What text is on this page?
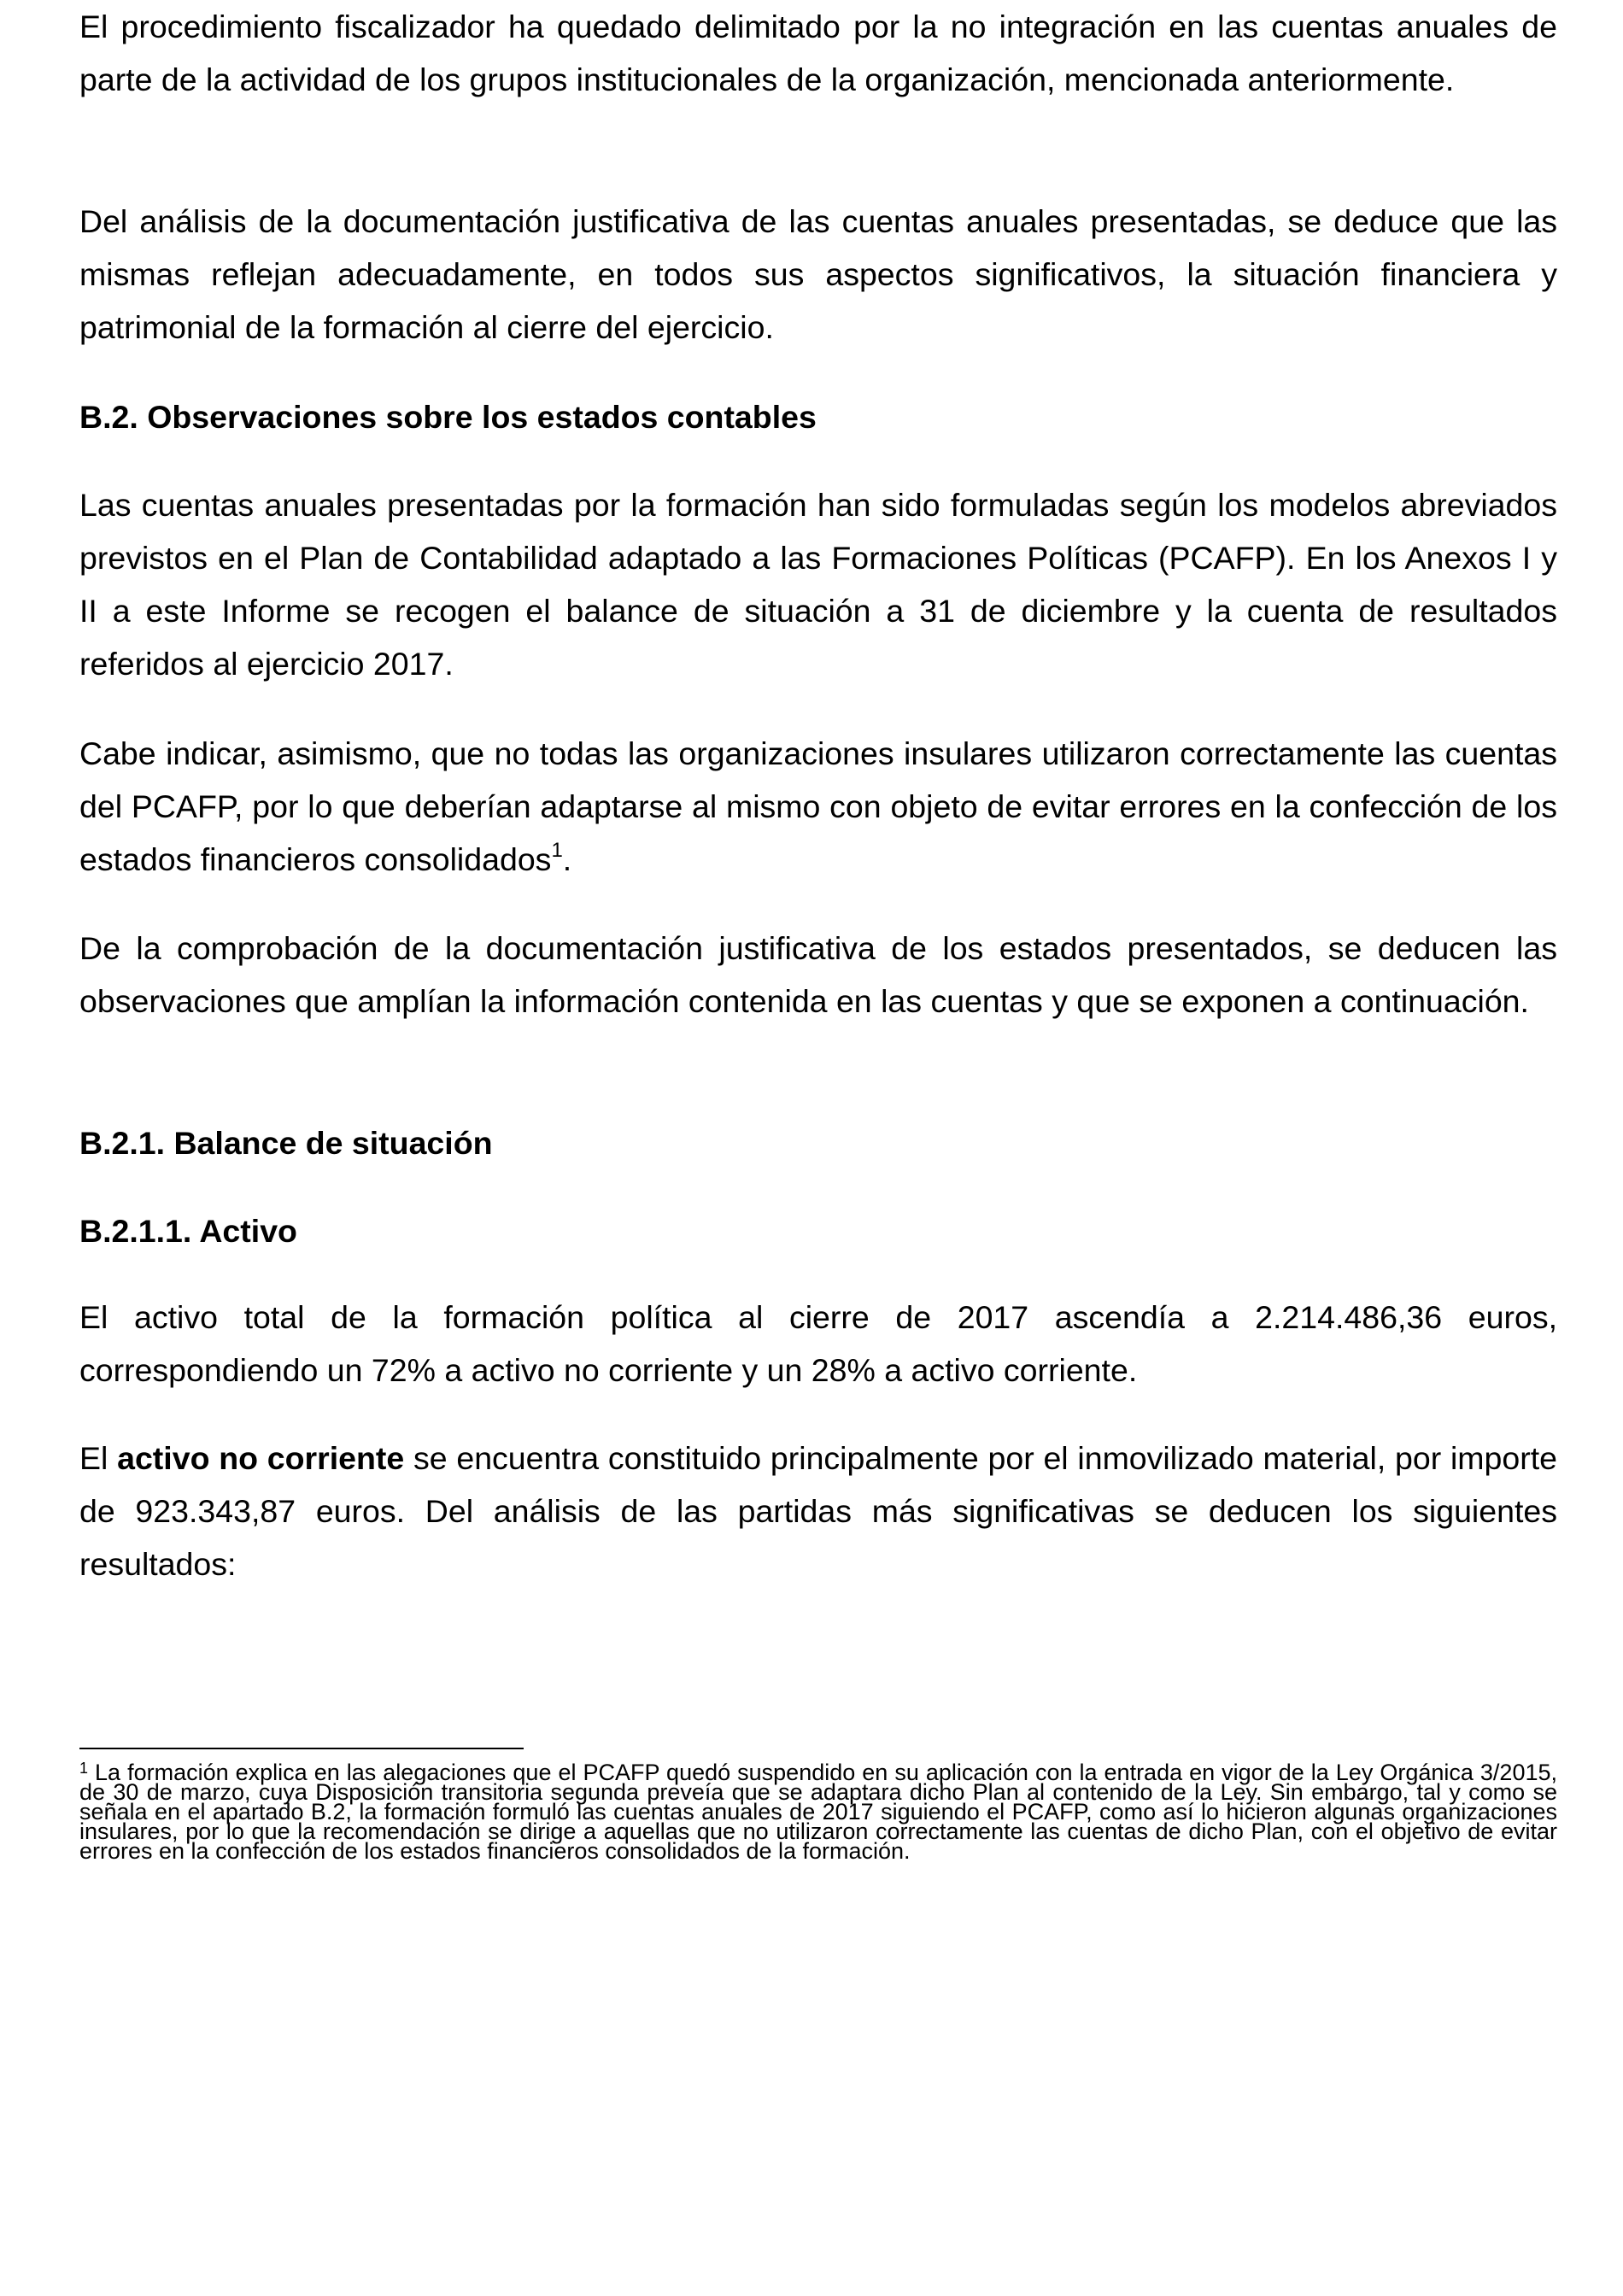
El procedimiento fiscalizador ha quedado delimitado por la no integración en las cuentas anuales de parte de la actividad de los grupos institucionales de la organización, mencionada anteriormente.

Del análisis de la documentación justificativa de las cuentas anuales presentadas, se deduce que las mismas reflejan adecuadamente, en todos sus aspectos significativos, la situación financiera y patrimonial de la formación al cierre del ejercicio.

B.2. Observaciones sobre los estados contables

Las cuentas anuales presentadas por la formación han sido formuladas según los modelos abreviados previstos en el Plan de Contabilidad adaptado a las Formaciones Políticas (PCAFP). En los Anexos I y II a este Informe se recogen el balance de situación a 31 de diciembre y la cuenta de resultados referidos al ejercicio 2017.

Cabe indicar, asimismo, que no todas las organizaciones insulares utilizaron correctamente las cuentas del PCAFP, por lo que deberían adaptarse al mismo con objeto de evitar errores en la confección de los estados financieros consolidados$^1$.

De la comprobación de la documentación justificativa de los estados presentados, se deducen las observaciones que amplían la información contenida en las cuentas y que se exponen a continuación.

B.2.1. Balance de situación
B.2.1.1. Activo

El activo total de la formación política al cierre de 2017 ascendía a 2.214.486,36 euros, correspondiendo un 72% a activo no corriente y un 28% a activo corriente.

El activo no corriente se encuentra constituido principalmente por el inmovilizado material, por importe de 923.343,87 euros. Del análisis de las partidas más significativas se deducen los siguientes resultados:

$^1$ La formación explica en las alegaciones que el PCAFP quedó suspendido en su aplicación con la entrada en vigor de la Ley Orgánica 3/2015, de 30 de marzo, cuya Disposición transitoria segunda preveía que se adaptara dicho Plan al contenido de la Ley. Sin embargo, tal y como se señala en el apartado B.2, la formación formuló las cuentas anuales de 2017 siguiendo el PCAFP, como así lo hicieron algunas organizaciones insulares, por lo que la recomendación se dirige a aquellas que no utilizaron correctamente las cuentas de dicho Plan, con el objetivo de evitar errores en la confección de los estados financieros consolidados de la formación.
